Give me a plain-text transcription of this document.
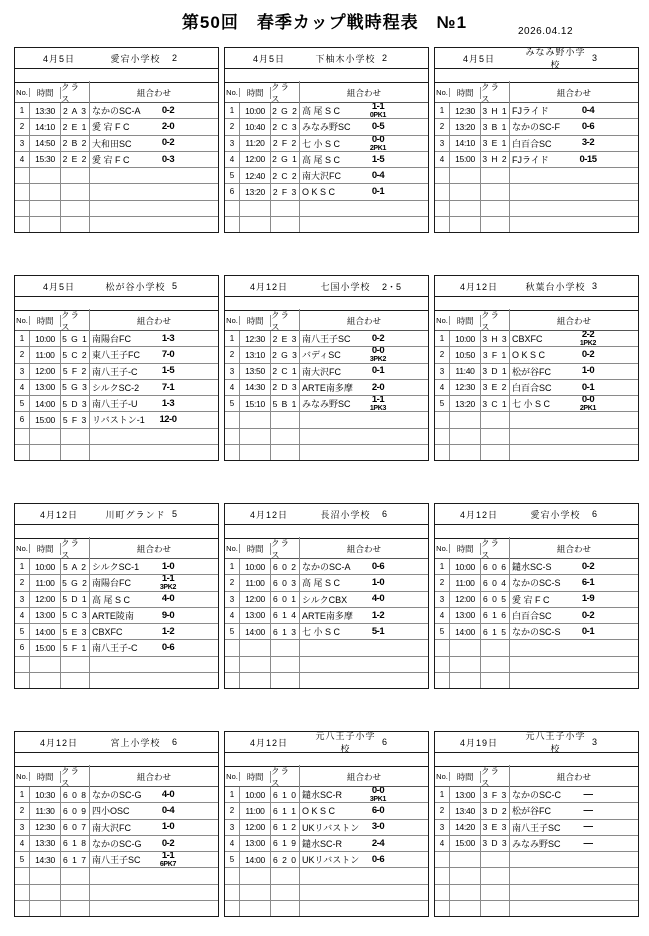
第50回　春季カップ戦時程表　№1	2026.04.12
4月5日	愛宕小学校	2
No.	時間
クラス
組合わせ
1	13:30 2 A 3 なかのSC-A	0-2
2	14:10 2 E 1 愛 宕 F C	2-0
3	14:50 2 B 2 大和田SC	0-2
4	15:30 2 E 2 愛 宕 F C	0-3
4月5日	下柚木小学校 2
No.	時間
クラス
組合わせ
1	10:00 2 G 2 高 尾 S C	1-1
0PK1
2	10:40 2 C 3 みなみ野SC	0-5
3	11:20 2 F 2 七 小 S C	0-0
2PK1
4	12:00 2 G 1 高 尾 S C	1-5
5	12:40 2 C 2 南大沢FC	0-4
6	13:20 2 F 3 O K S C	0-1
4月5日
みなみ野小学校
3
No.	時間
クラス
組合わせ
1	12:30 3 H 1 FJライド	0-4
2	13:20 3 B 1 なかのSC-F	0-6
3	14:10 3 E 1 白百合SC	3-2
4	15:00 3 H 2 FJライド	0-15
4月5日	松が谷小学校 5
No.	時間
クラス
組合わせ
1	10:00 5 G 1 南陽台FC	1-3
2	11:00 5 C 2 東八王子FC	7-0
3	12:00 5 F 2 南八王子-C	1-5
4	13:00 5 G 3 シルクSC-2	7-1
5	14:00 5 D 3 南八王子-U	1-3
6	15:00 5 F 3 リバストン-1	12-0
4月12日	七国小学校	2・5
No.	時間
クラス
組合わせ
1	12:30 2 E 3 南八王子SC	0-2
2	13:10 2 G 3 バディSC	0-0
3PK2
3	13:50 2 C 1 南大沢FC	0-1
4	14:30 2 D 3 ARTE南多摩	2-0
5	15:10 5 B 1 みなみ野SC	1-1
1PK3
4月12日	秋葉台小学校 3
No.	時間
クラス
組合わせ
1	10:00 3 H 3 CBXFC	2-2
1PK2
2	10:50 3 F 1 O K S C	0-2
3	11:40 3 D 1 松が谷FC	1-0
4	12:30 3 E 2 白百合SC	0-1
5	13:20 3 C 1 七 小 S C	0-0
2PK1
4月12日	川町グランド 5
No.	時間
クラス
組合わせ
1	10:00 5 A 2 シルクSC-1	1-0
2	11:00 5 G 2 南陽台FC	1-1
3PK2
3	12:00 5 D 1 高 尾 S C	4-0
4	13:00 5 C 3 ARTE陵南	9-0
5	14:00 5 E 3 CBXFC	1-2
6	15:00 5 F 1 南八王子-C	0-6
4月12日	長沼小学校	6
No.	時間
クラス
組合わせ
1	10:00 6 0 2 なかのSC-A	0-6
2	11:00 6 0 3 高 尾 S C	1-0
3	12:00 6 0 1 シルクCBX	4-0
4	13:00 6 1 4 ARTE南多摩	1-2
5	14:00 6 1 3 七 小 S C	5-1
4月12日	愛宕小学校	6
No.	時間
クラス
組合わせ
1	10:00 6 0 6 鑓水SC-S	0-2
2	11:00 6 0 4 なかのSC-S	6-1
3	12:00 6 0 5 愛 宕 F C	1-9
4	13:00 6 1 6 白百合SC	0-2
5	14:00 6 1 5 なかのSC-S	0-1
4月12日	宮上小学校	6
No.	時間
クラス
組合わせ
1	10:30 6 0 8 なかのSC-G	4-0
2	11:30 6 0 9 四小OSC	0-4
3	12:30 6 0 7 南大沢FC	1-0
4	13:30 6 1 8 なかのSC-G	0-2
5	14:30 6 1 7 南八王子SC	1-1
6PK7
4月12日
元八王子小学校
6
No.	時間
クラス
組合わせ
1	10:00 6 1 0 鑓水SC-R	0-0
3PK1
2	11:00 6 1 1 O K S C	6-0
3	12:00 6 1 2 UKリバストン 3-0
4	13:00 6 1 9 鑓水SC-R	2-4
5	14:00 6 2 0 UKリバストン 0-6
4月19日
元八王子小学校
3
No.	時間
クラス
組合わせ
1	13:00 3 F 3 なかのSC-C	―
2	13:40 3 D 2 松が谷FC	―
3	14:20 3 E 3 南八王子SC	―
4	15:00 3 D 3 みなみ野SC	―
